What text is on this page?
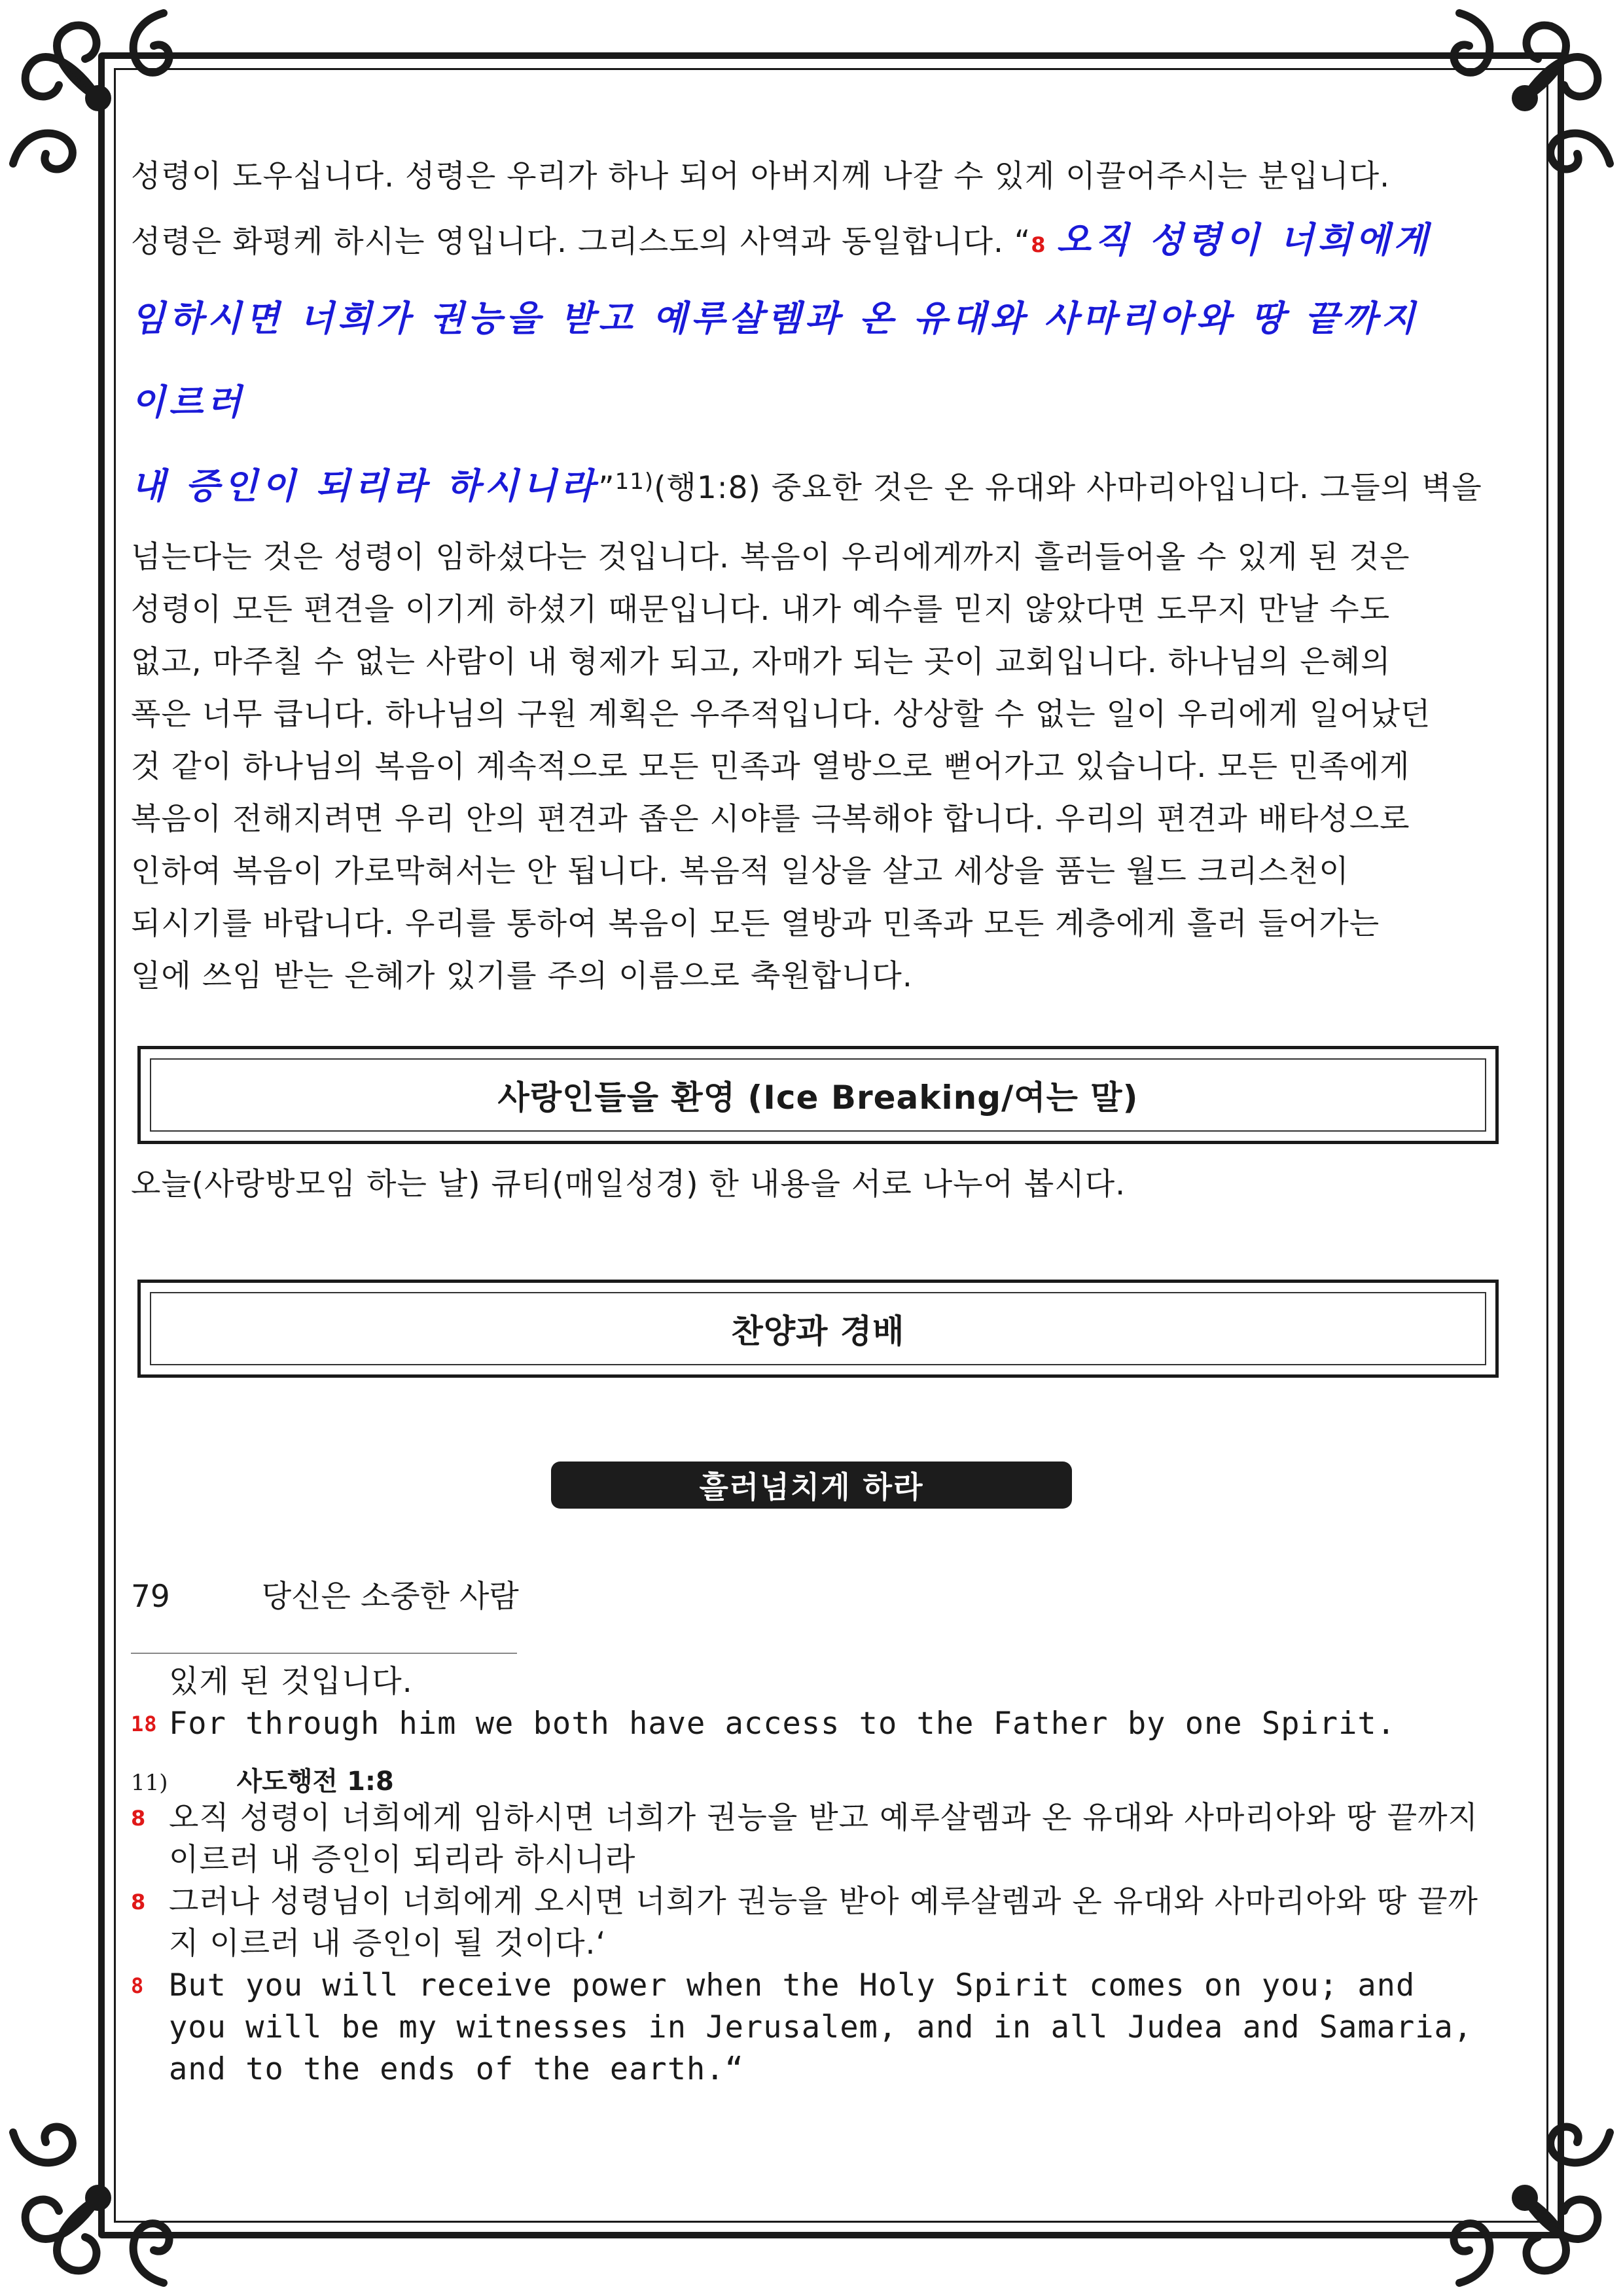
성령이 도우십니다. 성령은 우리가 하나 되어 아버지께 나갈 수 있게 이끌어주시는 분입니다.

성령은 화평케 하시는 영입니다. 그리스도의 사역과 동일합니다. “8 오직 성령이 너희에게

임하시면 너희가 권능을 받고 예루살렘과 온 유대와 사마리아와 땅 끝까지 이르러

내 증인이 되리라 하시니라”$^{11)}$(행1:8) 중요한 것은 온 유대와 사마리아입니다. 그들의 벽을

넘는다는 것은 성령이 임하셨다는 것입니다. 복음이 우리에게까지 흘러들어올 수 있게 된 것은

성령이 모든 편견을 이기게 하셨기 때문입니다. 내가 예수를 믿지 않았다면 도무지 만날 수도

없고, 마주칠 수 없는 사람이 내 형제가 되고, 자매가 되는 곳이 교회입니다. 하나님의 은혜의

폭은 너무 큽니다. 하나님의 구원 계획은 우주적입니다. 상상할 수 없는 일이 우리에게 일어났던

것 같이 하나님의 복음이 계속적으로 모든 민족과 열방으로 뻗어가고 있습니다. 모든 민족에게

복음이 전해지려면 우리 안의 편견과 좁은 시야를 극복해야 합니다. 우리의 편견과 배타성으로

인하여 복음이 가로막혀서는 안 됩니다. 복음적 일상을 살고 세상을 품는 월드 크리스천이

되시기를 바랍니다. 우리를 통하여 복음이 모든 열방과 민족과 모든 계층에게 흘러 들어가는

일에 쓰임 받는 은혜가 있기를 주의 이름으로 축원합니다.

사랑인들을 환영 (Ice Breaking/여는 말)

오늘(사랑방모임 하는 날) 큐티(매일성경) 한 내용을 서로 나누어 봅시다.

찬양과 경배
흘러넘치게 하라
79	당신은 소중한 사람
있게 된 것입니다.
18 For through him we both have access to the Father by one Spirit.
11)	사도행전 1:8
8 오직 성령이 너희에게 임하시면 너희가 권능을 받고 예루살렘과 온 유대와 사마리아와 땅 끝까지 이르러 내 증인이 되리라 하시니라
8 그러나 성령님이 너희에게 오시면 너희가 권능을 받아 예루살렘과 온 유대와 사마리아와 땅 끝까지 이르러 내 증인이 될 것이다.‘
8 But you will receive power when the Holy Spirit comes on you; and you will be my witnesses in Jerusalem, and in all Judea and Samaria, and to the ends of the earth.“
